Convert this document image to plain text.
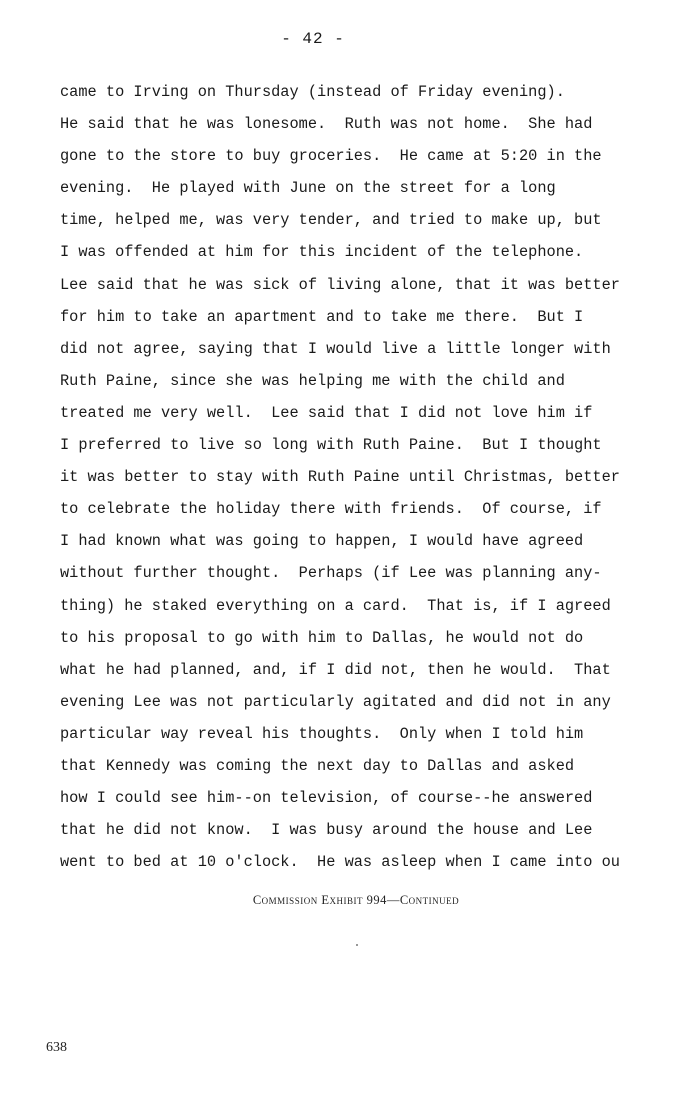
- 42 -
came to Irving on Thursday (instead of Friday evening).
He said that he was lonesome.  Ruth was not home.  She had
gone to the store to buy groceries.  He came at 5:20 in the
evening.  He played with June on the street for a long
time, helped me, was very tender, and tried to make up, but
I was offended at him for this incident of the telephone.
Lee said that he was sick of living alone, that it was better
for him to take an apartment and to take me there.  But I
did not agree, saying that I would live a little longer with
Ruth Paine, since she was helping me with the child and
treated me very well.  Lee said that I did not love him if
I preferred to live so long with Ruth Paine.  But I thought
it was better to stay with Ruth Paine until Christmas, better
to celebrate the holiday there with friends.  Of course, if
I had known what was going to happen, I would have agreed
without further thought.  Perhaps (if Lee was planning any-
thing) he staked everything on a card.  That is, if I agreed
to his proposal to go with him to Dallas, he would not do
what he had planned, and, if I did not, then he would.  That
evening Lee was not particularly agitated and did not in any
particular way reveal his thoughts.  Only when I told him
that Kennedy was coming the next day to Dallas and asked
how I could see him--on television, of course--he answered
that he did not know.  I was busy around the house and Lee
went to bed at 10 o'clock.  He was asleep when I came into ou
Commission Exhibit 994—Continued
638
